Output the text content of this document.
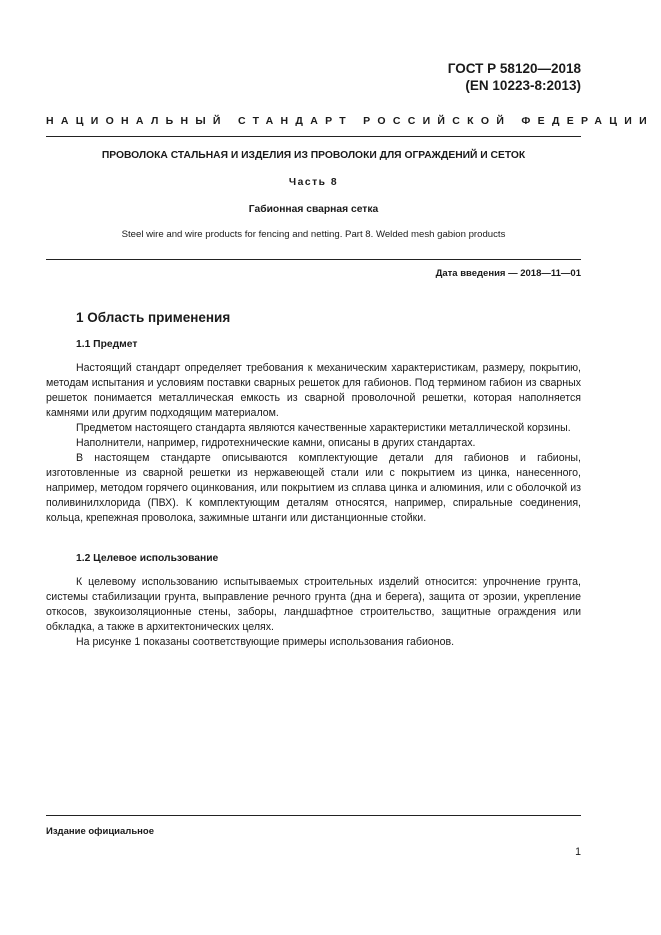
ГОСТ Р 58120—2018
(EN 10223-8:2013)
НАЦИОНАЛЬНЫЙ СТАНДАРТ РОССИЙСКОЙ ФЕДЕРАЦИИ
ПРОВОЛОКА СТАЛЬНАЯ И ИЗДЕЛИЯ ИЗ ПРОВОЛОКИ ДЛЯ ОГРАЖДЕНИЙ И СЕТОК
Часть 8
Габионная сварная сетка
Steel wire and wire products for fencing and netting. Part 8. Welded mesh gabion products
Дата введения — 2018—11—01
1 Область применения
1.1 Предмет

Настоящий стандарт определяет требования к механическим характеристикам, размеру, покрытию, методам испытания и условиям поставки сварных решеток для габионов. Под термином габион из сварных решеток понимается металлическая емкость из сварной проволочной решетки, которая наполняется камнями или другим подходящим материалом.

Предметом настоящего стандарта являются качественные характеристики металлической корзины.

Наполнители, например, гидротехнические камни, описаны в других стандартах.

В настоящем стандарте описываются комплектующие детали для габионов и габионы, изготовленные из сварной решетки из нержавеющей стали или с покрытием из цинка, нанесенного, например, методом горячего оцинкования, или покрытием из сплава цинка и алюминия, или с оболочкой из поливинилхлорида (ПВХ). К комплектующим деталям относятся, например, спиральные соединения, кольца, крепежная проволока, зажимные штанги или дистанционные стойки.

1.2 Целевое использование

К целевому использованию испытываемых строительных изделий относится: упрочнение грунта, системы стабилизации грунта, выправление речного грунта (дна и берега), защита от эрозии, укрепление откосов, звукоизоляционные стены, заборы, ландшафтное строительство, защитные ограждения или обкладка, а также в архитектонических целях.

На рисунке 1 показаны соответствующие примеры использования габионов.

Издание официальное
1
